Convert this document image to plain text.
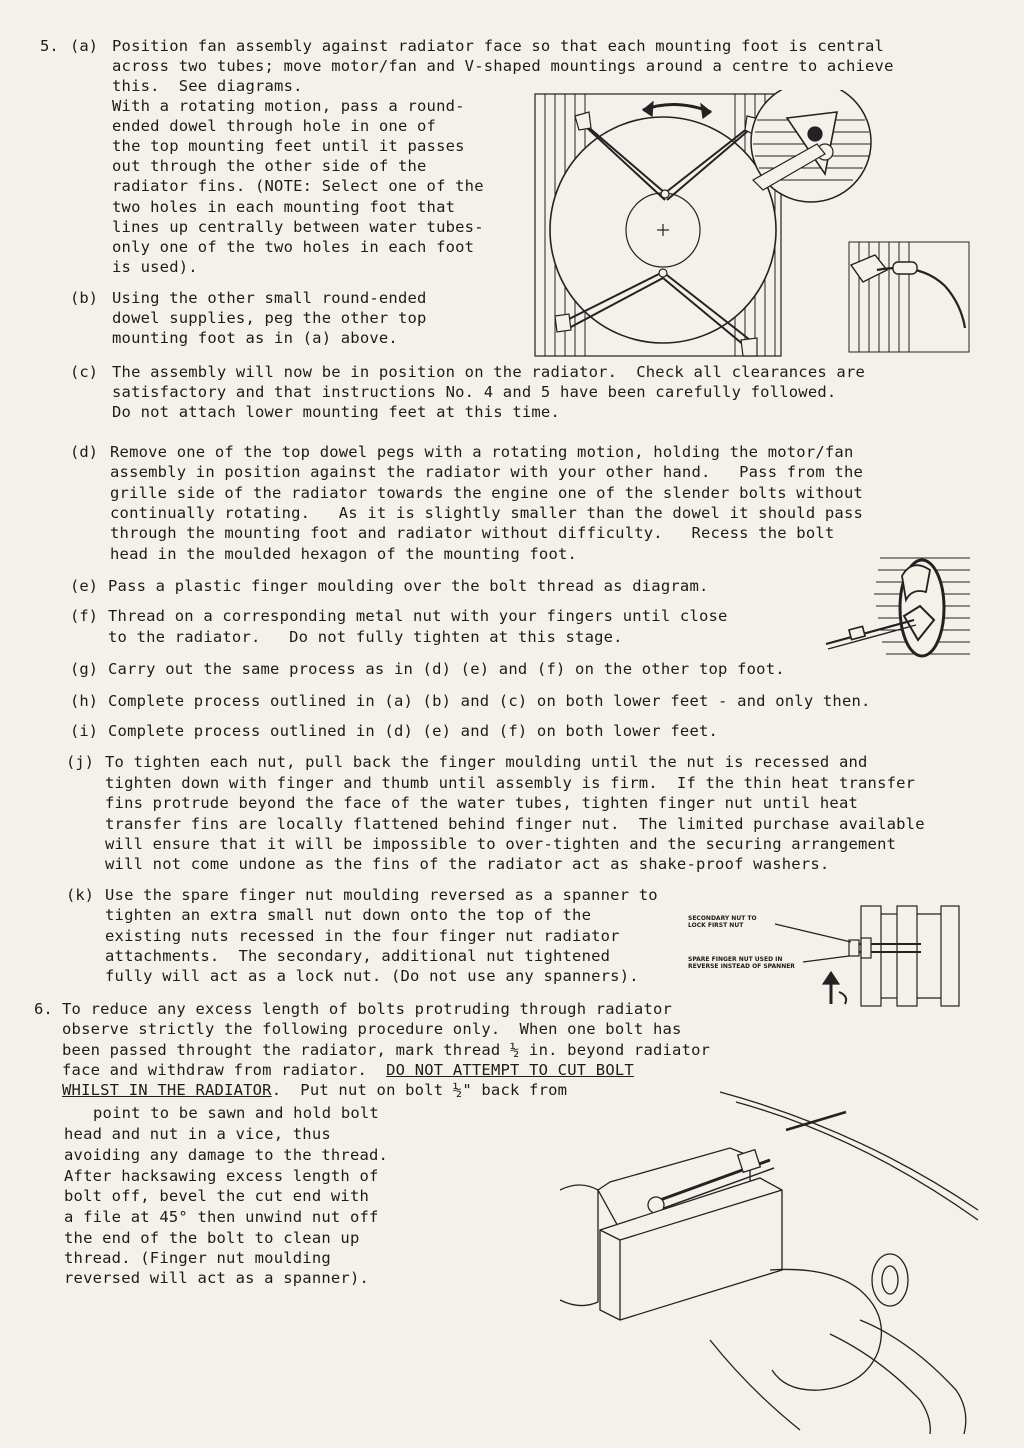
5. (a) Position fan assembly against radiator face so that each mounting foot is central
across two tubes; move motor/fan and V-shaped mountings around a centre to achieve
this.  See diagrams.
With a rotating motion, pass a round-
ended dowel through hole in one of
the top mounting feet until it passes
out through the other side of the
radiator fins. (NOTE: Select one of the
two holes in each mounting foot that
lines up centrally between water tubes-
only one of the two holes in each foot
is used).
(b) Using the other small round-ended
dowel supplies, peg the other top
mounting foot as in (a) above.
(c) The assembly will now be in position on the radiator.  Check all clearances are
satisfactory and that instructions No. 4 and 5 have been carefully followed.
Do not attach lower mounting feet at this time.
(d) Remove one of the top dowel pegs with a rotating motion, holding the motor/fan
assembly in position against the radiator with your other hand.   Pass from the
grille side of the radiator towards the engine one of the slender bolts without
continually rotating.   As it is slightly smaller than the dowel it should pass
through the mounting foot and radiator without difficulty.   Recess the bolt
head in the moulded hexagon of the mounting foot.
(e) Pass a plastic finger moulding over the bolt thread as diagram.
(f) Thread on a corresponding metal nut with your fingers until close
to the radiator.   Do not fully tighten at this stage.
(g) Carry out the same process as in (d) (e) and (f) on the other top foot.
(h) Complete process outlined in (a) (b) and (c) on both lower feet - and only then.
(i) Complete process outlined in (d) (e) and (f) on both lower feet.
(j) To tighten each nut, pull back the finger moulding until the nut is recessed and
tighten down with finger and thumb until assembly is firm.  If the thin heat transfer
fins protrude beyond the face of the water tubes, tighten finger nut until heat
transfer fins are locally flattened behind finger nut.  The limited purchase available
will ensure that it will be impossible to over-tighten and the securing arrangement
will not come undone as the fins of the radiator act as shake-proof washers.
(k) Use the spare finger nut moulding reversed as a spanner to
tighten an extra small nut down onto the top of the
existing nuts recessed in the four finger nut radiator
attachments.  The secondary, additional nut tightened
fully will act as a lock nut. (Do not use any spanners).
6. To reduce any excess length of bolts protruding through radiator
observe strictly the following procedure only.  When one bolt has
been passed throught the radiator, mark thread ½ in. beyond radiator
face and withdraw from radiator.  DO NOT ATTEMPT TO CUT BOLT
WHILST IN THE RADIATOR.  Put nut on bolt ½" back from
point to be sawn and hold bolt
head and nut in a vice, thus
avoiding any damage to the thread.
After hacksawing excess length of
bolt off, bevel the cut end with
a file at 45° then unwind nut off
the end of the bolt to clean up
thread. (Finger nut moulding
reversed will act as a spanner).
SECONDARY NUT TO
LOCK FIRST NUT
SPARE FINGER NUT USED IN
REVERSE INSTEAD OF SPANNER
